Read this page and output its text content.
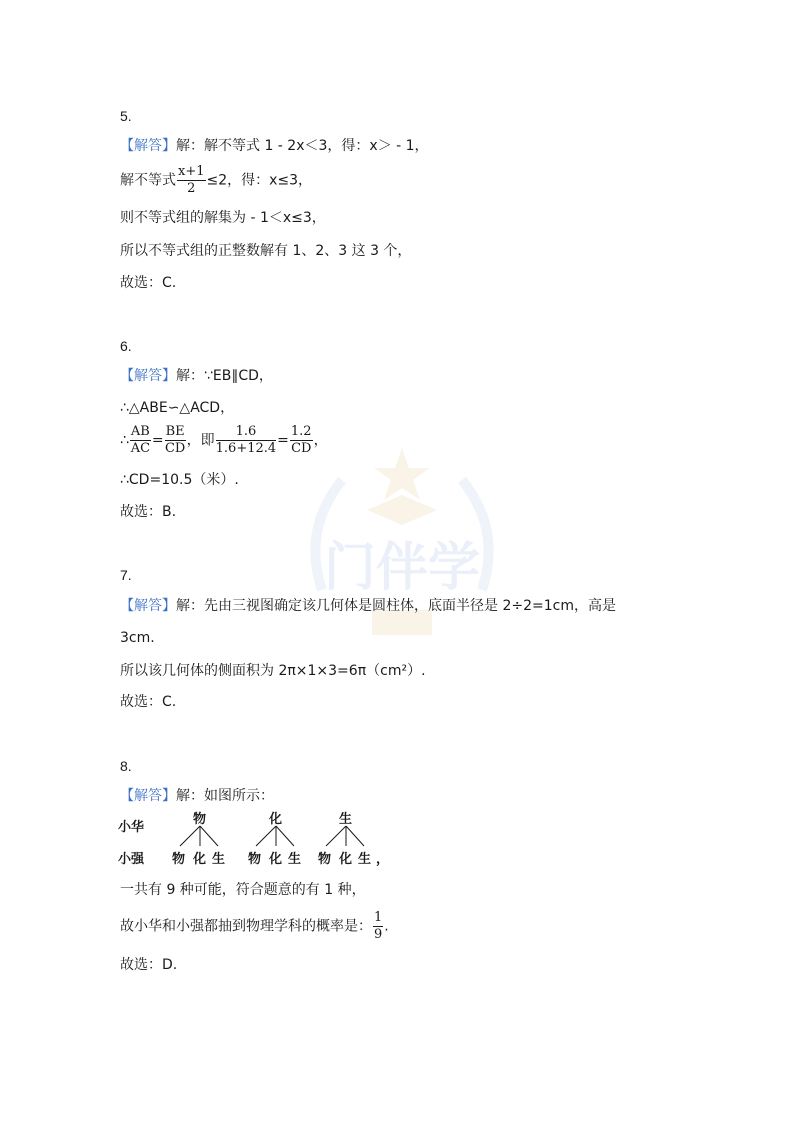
门伴学
5.
【解答】解：解不等式 1 - 2x＜3，得：x＞ - 1，
解不等式 $\frac{x+1}{2} \le 2$，得：x≤3，
则不等式组的解集为 - 1＜x≤3，
所以不等式组的正整数解有 1、2、3 这 3 个，
故选：C.
6.
【解答】解：∵EB∥CD，
∴△ABE∽△ACD，
∴ $\frac{AB}{AC} = \frac{BE}{CD}$ ，即 $\frac{1.6}{1.6+12.4} = \frac{1.2}{CD}$ ，
∴CD=10.5（米）.
故选：B.
7.
【解答】解：先由三视图确定该几何体是圆柱体，底面半径是 2÷2=1cm，高是
3cm.
所以该几何体的侧面积为 2π×1×3=6π（cm²）.
故选：C.
8.
【解答】解：如图所示：
小华
小强
物	化	生
物 化 生 物 化 生 物 化 生 ，
一共有 9 种可能，符合题意的有 1 种，
故小华和小强都抽到物理学科的概率是： $\frac{1}{9}$ .
故选：D.
